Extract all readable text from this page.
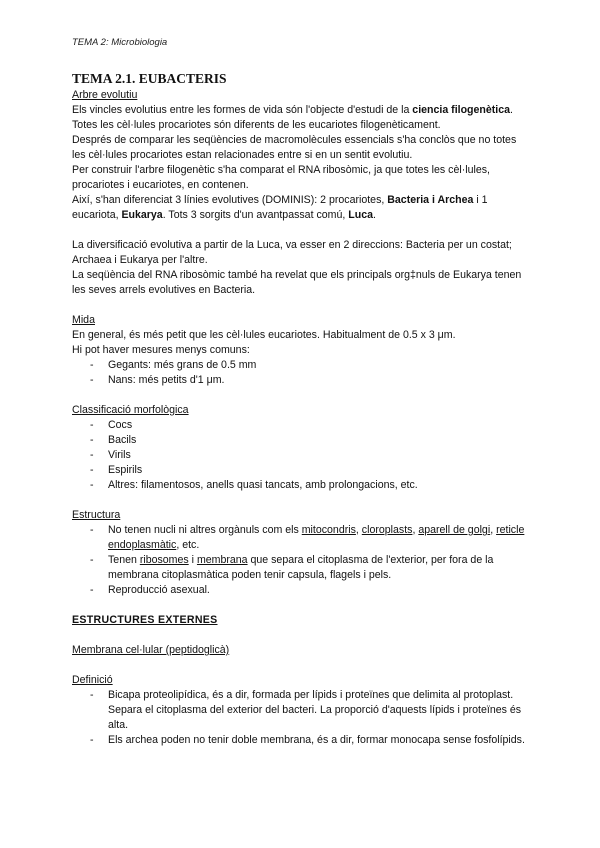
TEMA 2: Microbiologia
TEMA 2.1. EUBACTERIS

Arbre evolutiu

Els vincles evolutius entre les formes de vida són l'objecte d'estudi de la ciencia filogenètica.

Totes les cèl·lules procariotes són diferents de les eucariotes filogenèticament.

Després de comparar les seqüències de macromolècules essencials s'ha conclòs que no totes les cèl·lules procariotes estan relacionades entre si en un sentit evolutiu.

Per construir l'arbre filogenètic s'ha comparat el RNA ribosòmic, ja que totes les cèl·lules, procariotes i eucariotes, en contenen.

Així, s'han diferenciat 3 línies evolutives (DOMINIS): 2 procariotes, Bacteria i Archea i 1 eucariota, Eukarya. Tots 3 sorgits d'un avantpassat comú, Luca.

La diversificació evolutiva a partir de la Luca, va esser en 2 direccions: Bacteria per un costat; Archaea i Eukarya per l'altre.

La seqüència del RNA ribosòmic també ha revelat que els principals org‡nuls de Eukarya tenen les seves arrels evolutives en Bacteria.

Mida

En general, és més petit que les cèl·lules eucariotes. Habitualment de 0.5 x 3 μm.

Hi pot haver mesures menys comuns:

- Gegants: més grans de 0.5 mm
- Nans: més petits d'1 μm.

Classificació morfològica

- Cocs
- Bacils
- Virils
- Espirils
- Altres: filamentosos, anells quasi tancats, amb prolongacions, etc.

Estructura

- No tenen nucli ni altres orgànuls com els mitocondris, cloroplasts, aparell de golgi, reticle endoplasmàtic, etc.
- Tenen ribosomes i membrana que separa el citoplasma de l'exterior, per fora de la membrana citoplasmàtica poden tenir capsula, flagels i pels.
- Reproducció asexual.

ESTRUCTURES EXTERNES

Membrana cel·lular (peptidoglicà)

Definició

- Bicapa proteolipídica, és a dir, formada per lípids i proteïnes que delimita al protoplast. Separa el citoplasma del exterior del bacteri. La proporció d'aquests lípids i proteïnes és alta.
- Els archea poden no tenir doble membrana, és a dir, formar monocapa sense fosfolípids.
